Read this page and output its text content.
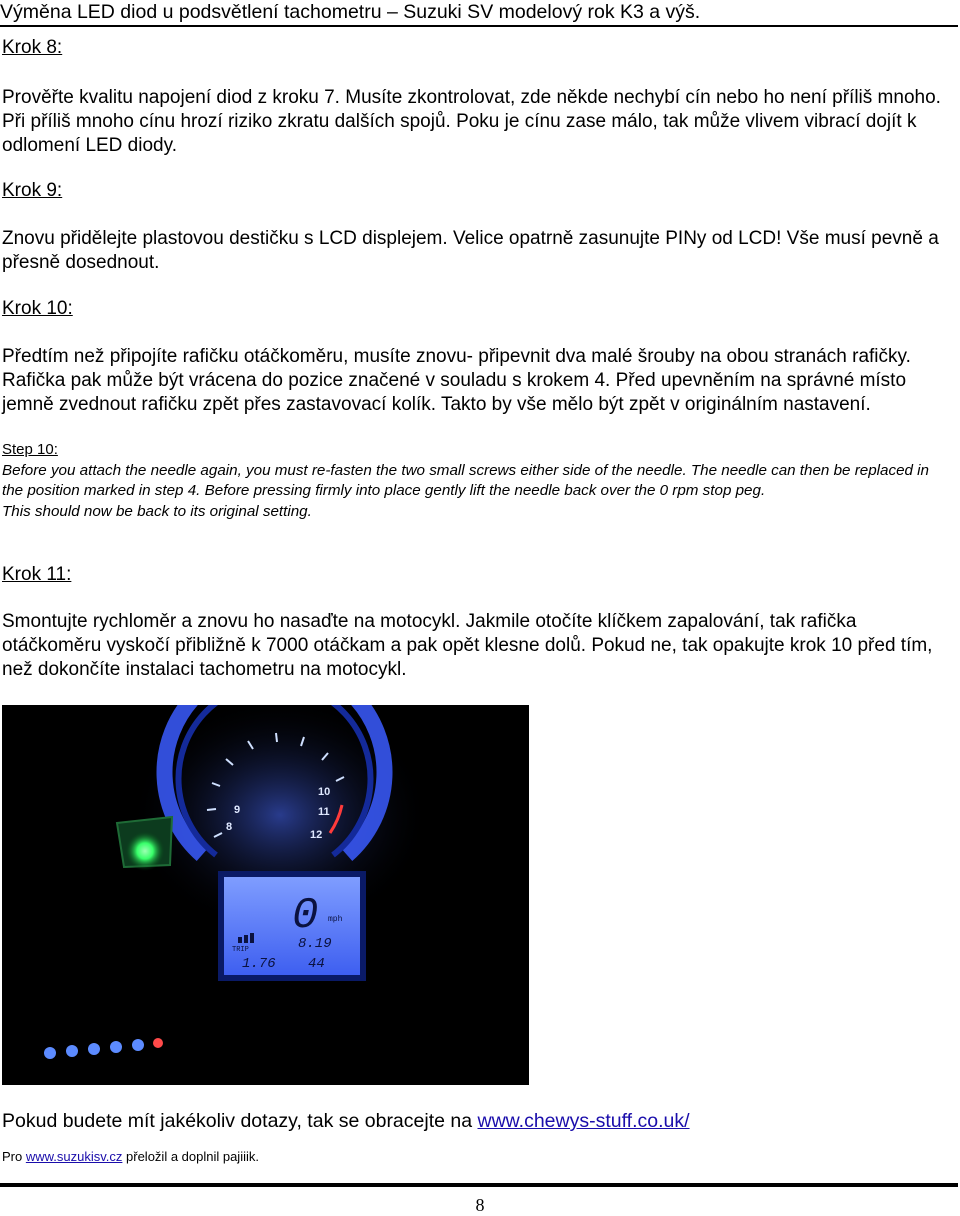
Výměna LED diod u podsvětlení tachometru – Suzuki SV modelový rok K3 a výš.
Krok 8:

Prověřte kvalitu napojení diod z kroku 7. Musíte zkontrolovat, zde někde nechybí cín nebo ho není příliš mnoho. Při příliš mnoho cínu hrozí riziko zkratu dalších spojů. Poku je cínu zase málo, tak může vlivem vibrací dojít k odlomení LED diody.

Krok 9:

Znovu přidělejte plastovou destičku s LCD displejem. Velice opatrně zasunujte PINy od LCD! Vše musí pevně a přesně dosednout.

Krok 10:

Předtím než připojíte rafičku otáčkoměru, musíte znovu- připevnit dva malé šrouby na obou stranách rafičky. Rafička pak může být vrácena do pozice značené v souladu s krokem 4. Před upevněním na správné místo jemně zvednout rafičku zpět přes zastavovací kolík. Takto by vše mělo být zpět v originálním nastavení.

Step 10:

Before you attach the needle again, you must re-fasten the two small screws either side of the needle. The needle can then be replaced in the position marked in step 4. Before pressing firmly into place gently lift the needle back over the 0 rpm stop peg.

This should now be back to its original setting.

Krok 11:

Smontujte rychloměr a znovu ho nasaďte na motocykl. Jakmile otočíte klíčkem zapalování, tak rafička otáčkoměru vyskočí přibližně k 7000 otáčkam a pak opět klesne dolů. Pokud ne, tak opakujte krok 10 před tím, než dokončíte instalaci tachometru na motocykl.

8
9
10
11
12
0 mph
8.19
1.76 44
TRIP

Pokud budete mít jakékoliv dotazy, tak se obracejte na www.chewys-stuff.co.uk/

Pro www.suzukisv.cz přeložil a doplnil pajiiik.

8
